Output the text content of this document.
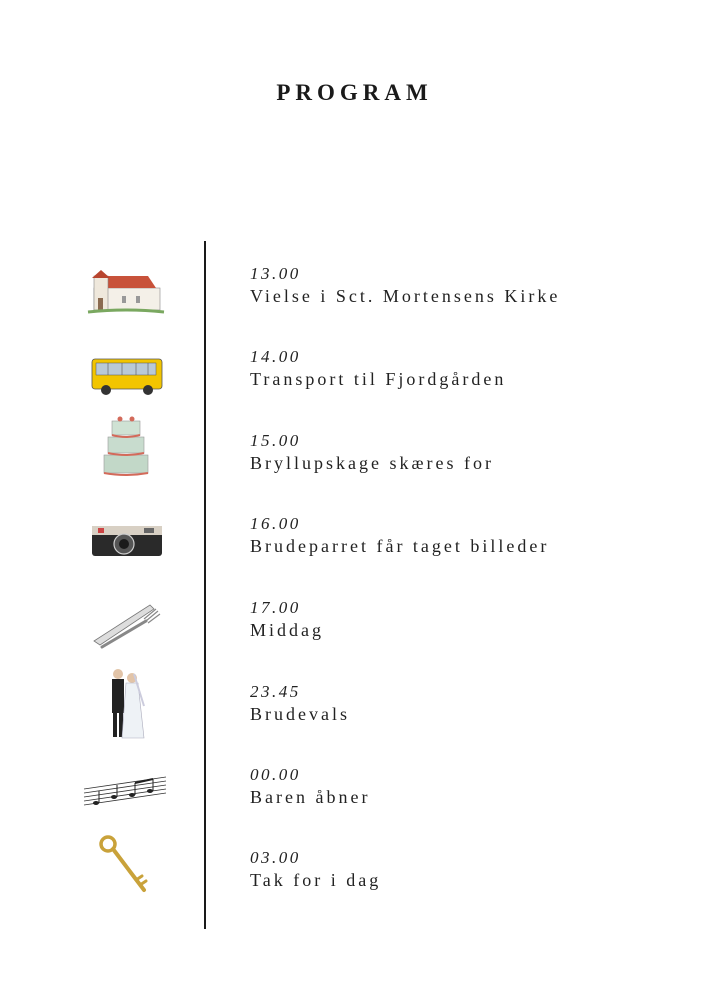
PROGRAM
13.00
Vielse i Sct. Mortensens Kirke
14.00
Transport til Fjordgården
15.00
Bryllupskage skæres for
16.00
Brudeparret får taget billeder
17.00
Middag
23.45
Brudevals
00.00
Baren åbner
03.00
Tak for i dag
